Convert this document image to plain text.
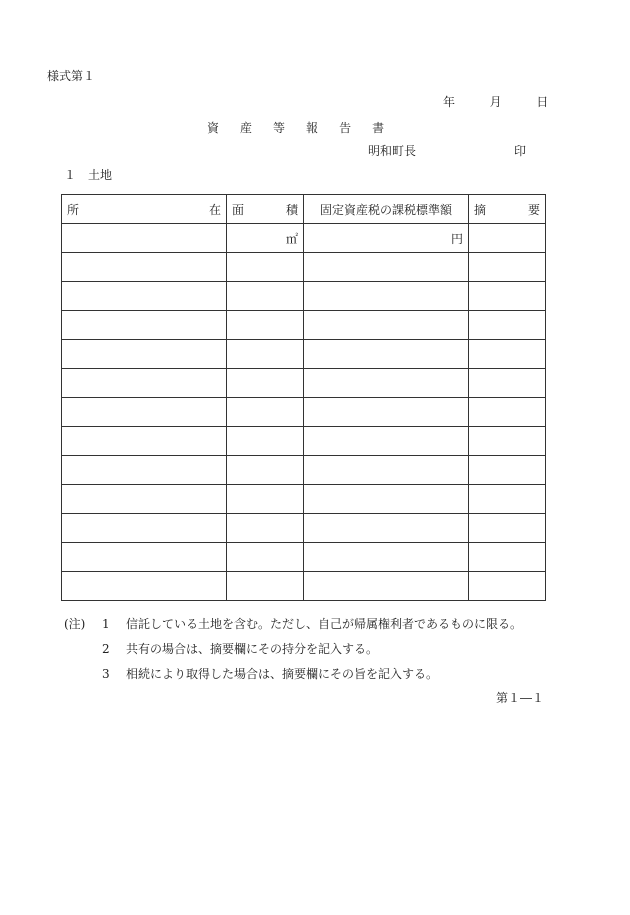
様式第１
年	月	日
資 産 等 報 告 書
明和町長	印
１　土地
所 在	面 積	固定資産税の課税標準額	摘 要

	㎡	円	

(注) 1 信託している土地を含む。ただし、自己が帰属権利者であるものに限る。
2 共有の場合は、摘要欄にその持分を記入する。
3 相続により取得した場合は、摘要欄にその旨を記入する。
第１―１
